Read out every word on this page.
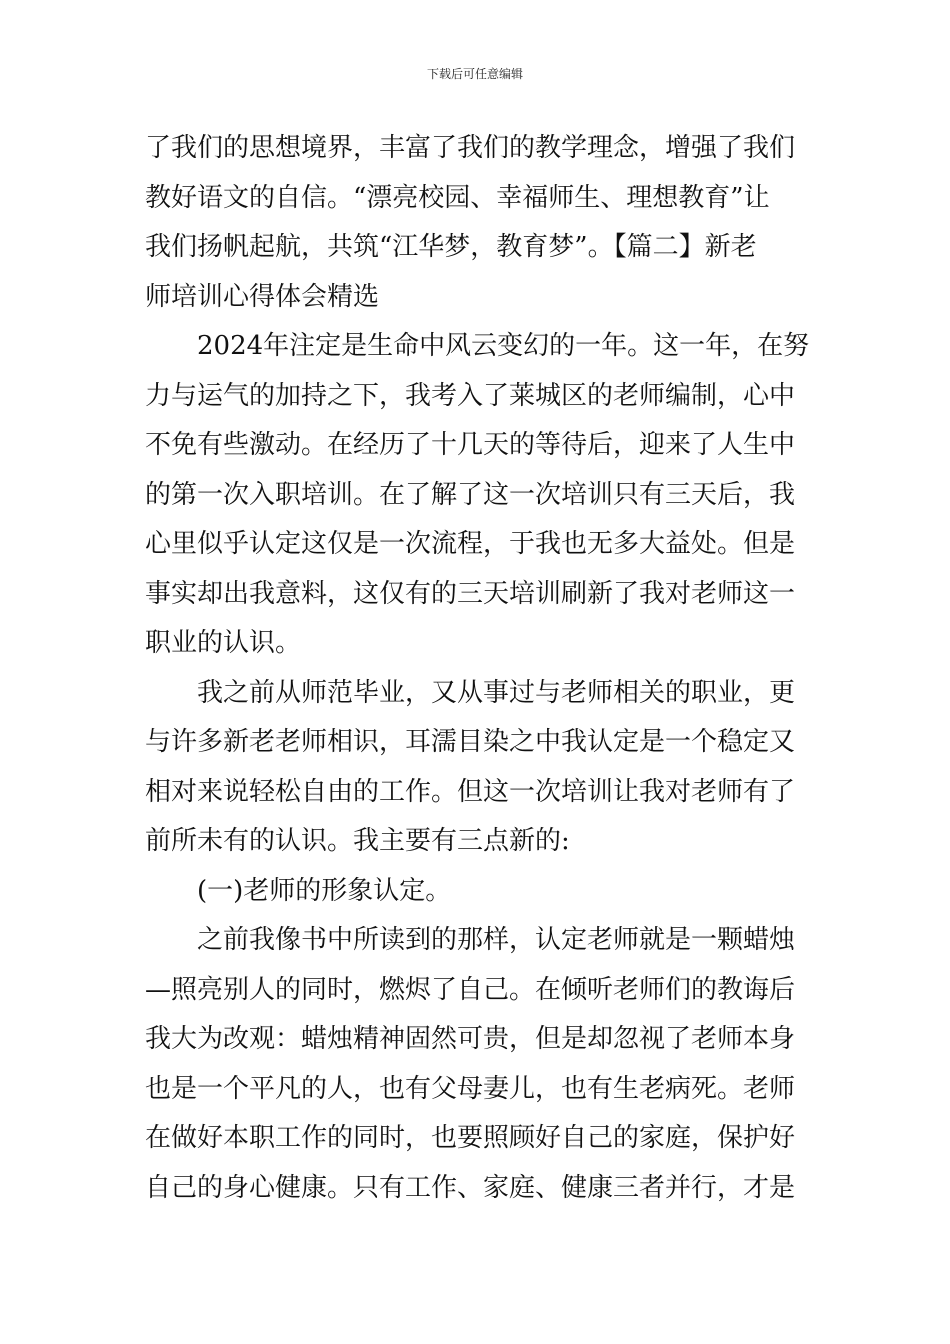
下载后可任意编辑
了我们的思想境界，丰富了我们的教学理念，增强了我们
教好语文的自信。“漂亮校园、幸福师生、理想教育”让
我们扬帆起航，共筑“江华梦，教育梦”。【篇二】新老
师培训心得体会精选
2024年注定是生命中风云变幻的一年。这一年，在努
力与运气的加持之下，我考入了莱城区的老师编制，心中
不免有些激动。在经历了十几天的等待后，迎来了人生中
的第一次入职培训。在了解了这一次培训只有三天后，我
心里似乎认定这仅是一次流程，于我也无多大益处。但是
事实却出我意料，这仅有的三天培训刷新了我对老师这一
职业的认识。
我之前从师范毕业，又从事过与老师相关的职业，更
与许多新老老师相识，耳濡目染之中我认定是一个稳定又
相对来说轻松自由的工作。但这一次培训让我对老师有了
前所未有的认识。我主要有三点新的:
(一)老师的形象认定。
之前我像书中所读到的那样，认定老师就是一颗蜡烛
—照亮别人的同时，燃烬了自己。在倾听老师们的教诲后
我大为改观：蜡烛精神固然可贵，但是却忽视了老师本身
也是一个平凡的人，也有父母妻儿，也有生老病死。老师
在做好本职工作的同时，也要照顾好自己的家庭，保护好
自己的身心健康。只有工作、家庭、健康三者并行，才是
